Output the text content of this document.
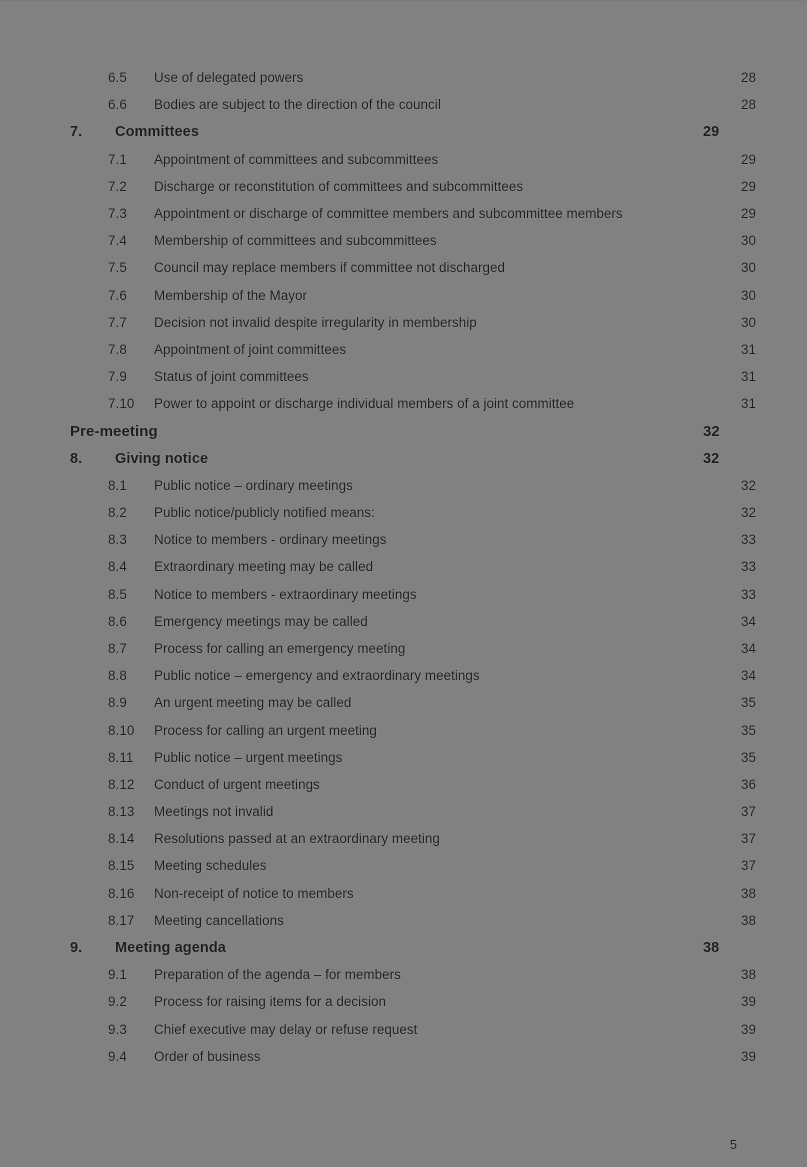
6.5	Use of delegated powers	28
6.6	Bodies are subject to the direction of the council	28
7.	Committees	29
7.1	Appointment of committees and subcommittees	29
7.2	Discharge or reconstitution of committees and subcommittees	29
7.3	Appointment or discharge of committee members and subcommittee members	29
7.4	Membership of committees and subcommittees	30
7.5	Council may replace members if committee not discharged	30
7.6	Membership of the Mayor	30
7.7	Decision not invalid despite irregularity in membership	30
7.8	Appointment of joint committees	31
7.9	Status of joint committees	31
7.10	Power to appoint or discharge individual members of a joint committee	31
Pre-meeting	32
8.	Giving notice	32
8.1	Public notice – ordinary meetings	32
8.2	Public notice/publicly notified means:	32
8.3	Notice to members - ordinary meetings	33
8.4	Extraordinary meeting may be called	33
8.5	Notice to members - extraordinary meetings	33
8.6	Emergency meetings may be called	34
8.7	Process for calling an emergency meeting	34
8.8	Public notice – emergency and extraordinary meetings	34
8.9	An urgent meeting may be called	35
8.10	Process for calling an urgent meeting	35
8.11	Public notice – urgent meetings	35
8.12	Conduct of urgent meetings	36
8.13	Meetings not invalid	37
8.14	Resolutions passed at an extraordinary meeting	37
8.15	Meeting schedules	37
8.16	Non-receipt of notice to members	38
8.17	Meeting cancellations	38
9.	Meeting agenda	38
9.1	Preparation of the agenda – for members	38
9.2	Process for raising items for a decision	39
9.3	Chief executive may delay or refuse request	39
9.4	Order of business	39
5
